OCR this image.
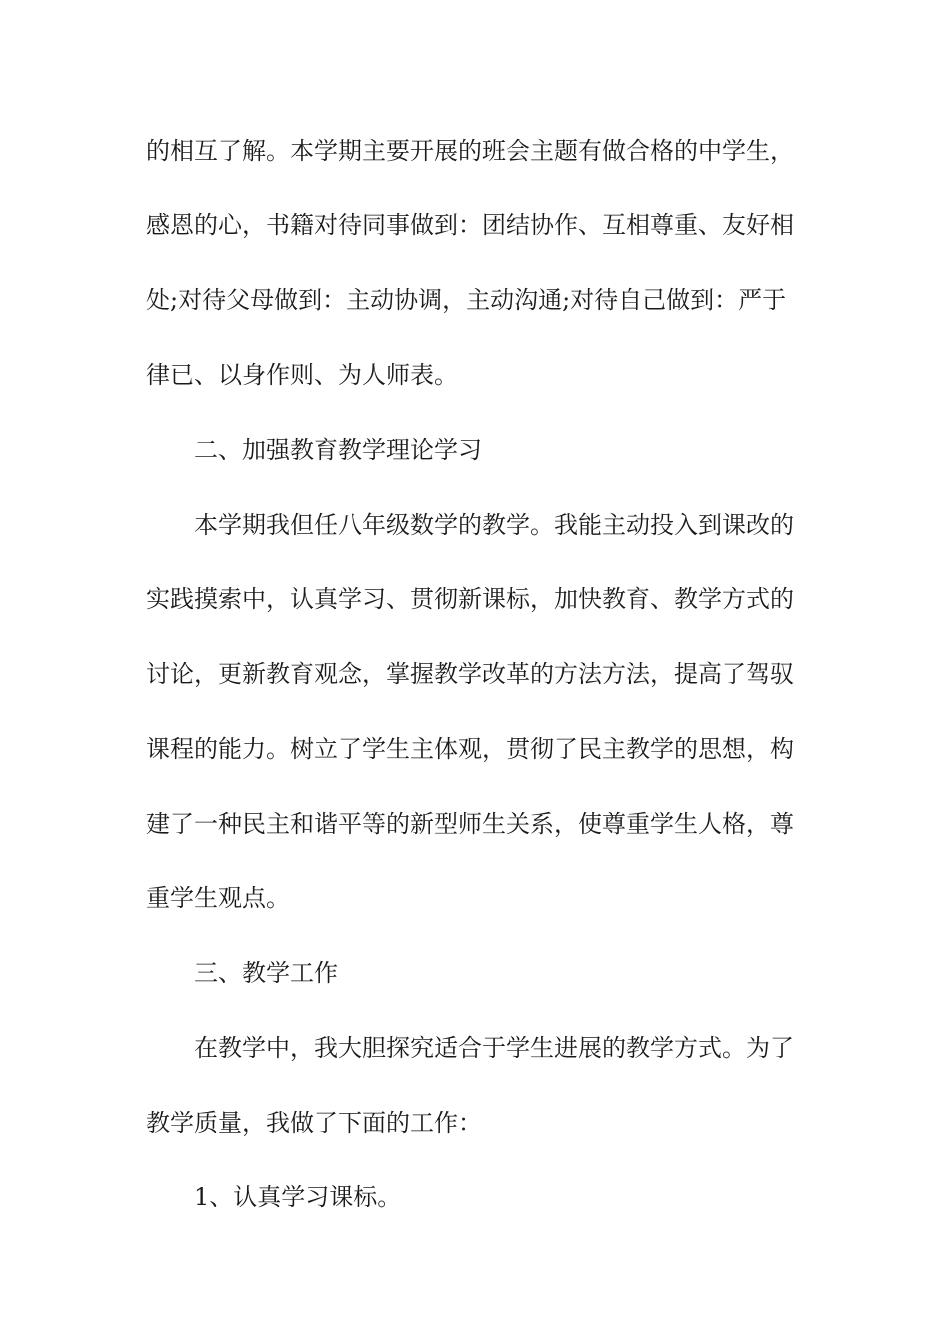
的相互了解。本学期主要开展的班会主题有做合格的中学生，
感恩的心，书籍对待同事做到：团结协作、互相尊重、友好相
处;对待父母做到：主动协调，主动沟通;对待自己做到：严于
律已、以身作则、为人师表。
二、加强教育教学理论学习
本学期我但任八年级数学的教学。我能主动投入到课改的
实践摸索中，认真学习、贯彻新课标，加快教育、教学方式的
讨论，更新教育观念，掌握教学改革的方法方法，提高了驾驭
课程的能力。树立了学生主体观，贯彻了民主教学的思想，构
建了一种民主和谐平等的新型师生关系，使尊重学生人格，尊
重学生观点。
三、教学工作
在教学中，我大胆探究适合于学生进展的教学方式。为了
教学质量，我做了下面的工作：
1、认真学习课标。
